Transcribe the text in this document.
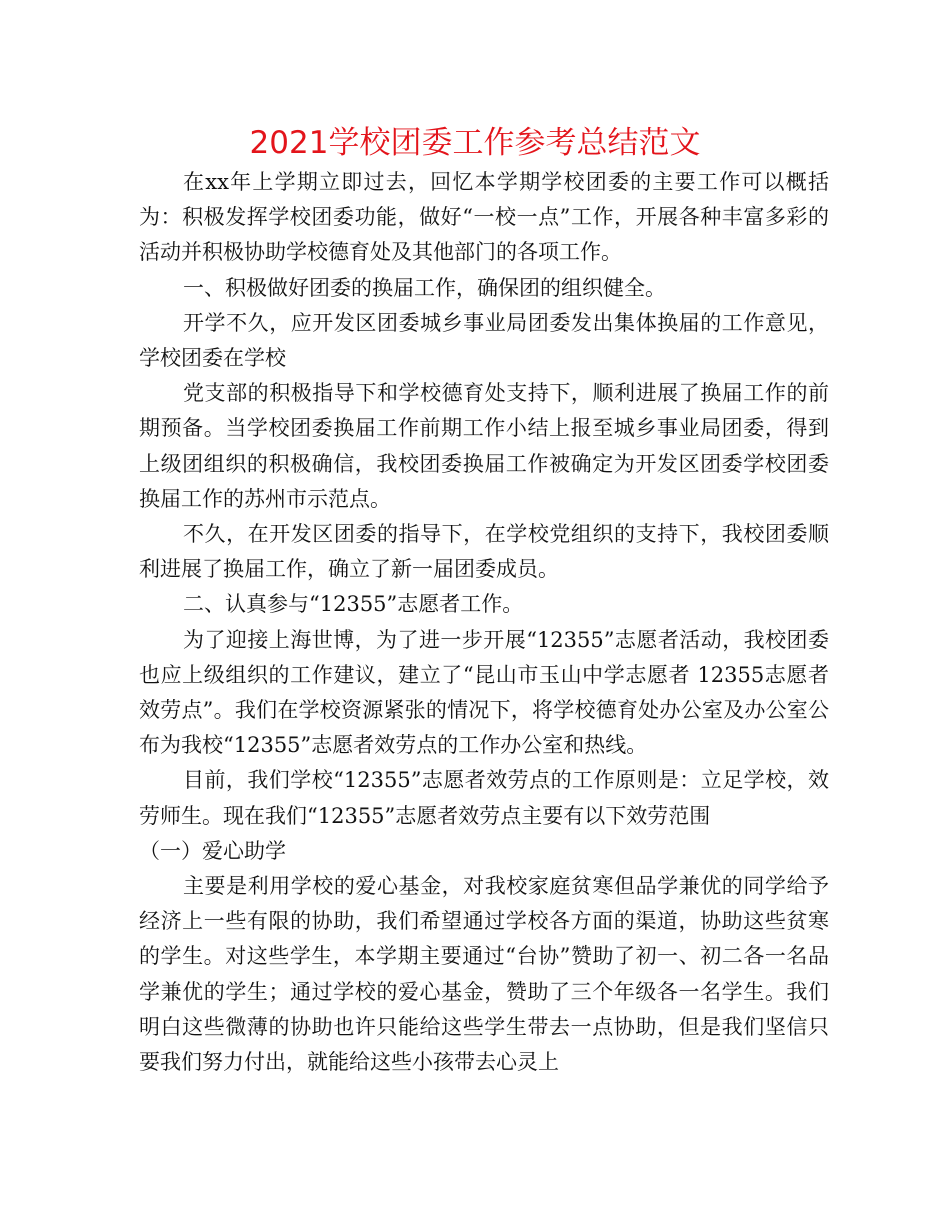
2021学校团委工作参考总结范文

在xx年上学期立即过去，回忆本学期学校团委的主要工作可以概括为：积极发挥学校团委功能，做好“一校一点”工作，开展各种丰富多彩的活动并积极协助学校德育处及其他部门的各项工作。

一、积极做好团委的换届工作，确保团的组织健全。

开学不久，应开发区团委城乡事业局团委发出集体换届的工作意见，学校团委在学校

党支部的积极指导下和学校德育处支持下，顺利进展了换届工作的前期预备。当学校团委换届工作前期工作小结上报至城乡事业局团委，得到上级团组织的积极确信，我校团委换届工作被确定为开发区团委学校团委换届工作的苏州市示范点。

不久，在开发区团委的指导下，在学校党组织的支持下，我校团委顺利进展了换届工作，确立了新一届团委成员。

二、认真参与“12355”志愿者工作。

为了迎接上海世博，为了进一步开展“12355”志愿者活动，我校团委也应上级组织的工作建议，建立了“昆山市玉山中学志愿者 12355志愿者效劳点”。我们在学校资源紧张的情况下，将学校德育处办公室及办公室公布为我校“12355”志愿者效劳点的工作办公室和热线。

目前，我们学校“12355”志愿者效劳点的工作原则是：立足学校，效劳师生。现在我们“12355”志愿者效劳点主要有以下效劳范围

（一）爱心助学

主要是利用学校的爱心基金，对我校家庭贫寒但品学兼优的同学给予经济上一些有限的协助，我们希望通过学校各方面的渠道，协助这些贫寒的学生。对这些学生，本学期主要通过“台协”赞助了初一、初二各一名品学兼优的学生；通过学校的爱心基金，赞助了三个年级各一名学生。我们明白这些微薄的协助也许只能给这些学生带去一点协助，但是我们坚信只要我们努力付出，就能给这些小孩带去心灵上
